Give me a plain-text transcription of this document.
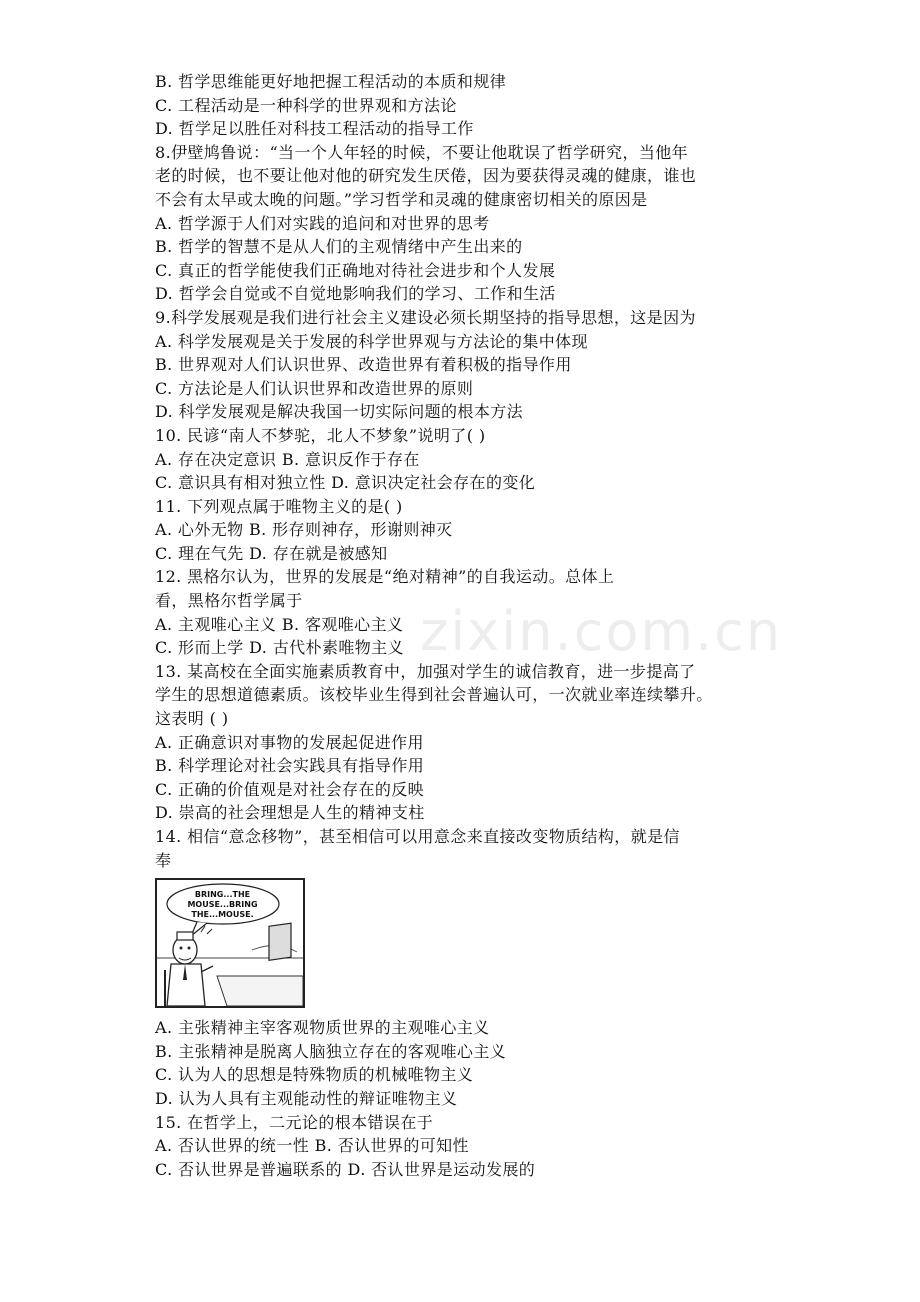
zixin.com.cn
B. 哲学思维能更好地把握工程活动的本质和规律
C. 工程活动是一种科学的世界观和方法论
D. 哲学足以胜任对科技工程活动的指导工作
8.伊壁鸠鲁说：“当一个人年轻的时候，不要让他耽误了哲学研究，当他年
老的时候，也不要让他对他的研究发生厌倦，因为要获得灵魂的健康，谁也
不会有太早或太晚的问题。”学习哲学和灵魂的健康密切相关的原因是
A. 哲学源于人们对实践的追问和对世界的思考
B. 哲学的智慧不是从人们的主观情绪中产生出来的
C. 真正的哲学能使我们正确地对待社会进步和个人发展
D. 哲学会自觉或不自觉地影响我们的学习、工作和生活
9.科学发展观是我们进行社会主义建设必须长期坚持的指导思想，这是因为
A. 科学发展观是关于发展的科学世界观与方法论的集中体现
B. 世界观对人们认识世界、改造世界有着积极的指导作用
C. 方法论是人们认识世界和改造世界的原则
D. 科学发展观是解决我国一切实际问题的根本方法
10. 民谚“南人不梦驼，北人不梦象”说明了( )
A. 存在决定意识 B. 意识反作于存在
C. 意识具有相对独立性 D. 意识决定社会存在的变化
11. 下列观点属于唯物主义的是( )
A. 心外无物 B. 形存则神存，形谢则神灭
C. 理在气先 D. 存在就是被感知
12. 黑格尔认为，世界的发展是“绝对精神”的自我运动。总体上
看，黑格尔哲学属于
A. 主观唯心主义 B. 客观唯心主义
C. 形而上学 D. 古代朴素唯物主义
13. 某高校在全面实施素质教育中，加强对学生的诚信教育，进一步提高了
学生的思想道德素质。该校毕业生得到社会普遍认可，一次就业率连续攀升。
这表明 ( )
A. 正确意识对事物的发展起促进作用
B. 科学理论对社会实践具有指导作用
C. 正确的价值观是对社会存在的反映
D. 崇高的社会理想是人生的精神支柱
14. 相信“意念移物”，甚至相信可以用意念来直接改变物质结构，就是信
奉
BRING...THE MOUSE...BRING THE...MOUSE.
A. 主张精神主宰客观物质世界的主观唯心主义
B. 主张精神是脱离人脑独立存在的客观唯心主义
C. 认为人的思想是特殊物质的机械唯物主义
D. 认为人具有主观能动性的辩证唯物主义
15. 在哲学上，二元论的根本错误在于
A. 否认世界的统一性 B. 否认世界的可知性
C. 否认世界是普遍联系的 D. 否认世界是运动发展的
